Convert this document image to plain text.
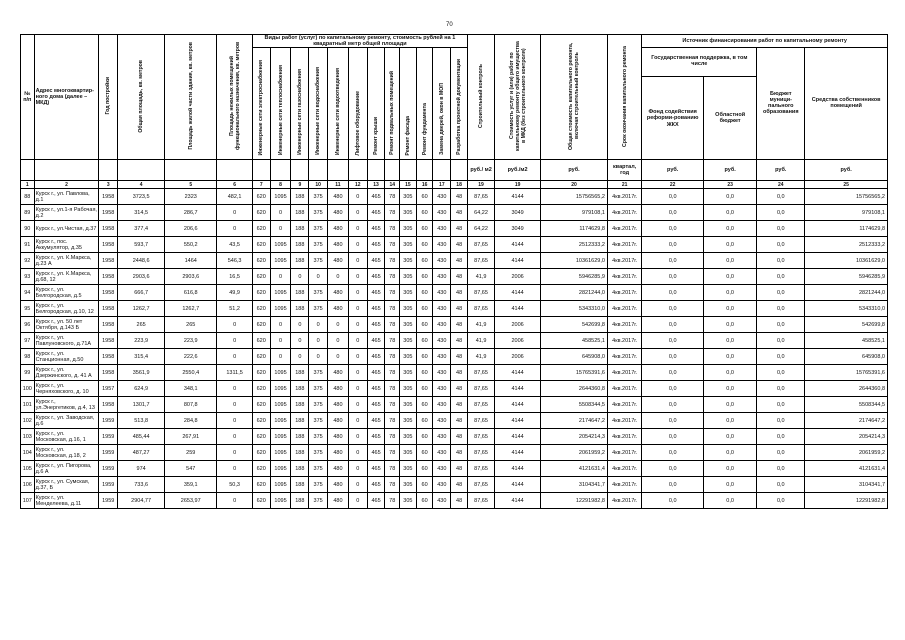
70
№ п/п	Адрес многоквартир-ного дома (далее – МКД)	Год постройки	Общая площадь, кв. метров	Площадь жилой части здания, кв. метров	Площадь нежилых помещений функционального назначения, кв. метров	Виды работ (услуг) по капитальному ремонту, стоимость рублей на 1 квадратный метр общей площади												Строительный контроль	Стоимость услуг и (или) работ по капитальному ремонту общего имущества в МКД (без строительного контроля)	Общая стоимость капитального ремонта, включая строительный контроль	Срок окончания капитального ремонта	Источник финансирования работ по капитальному ремонту			
						Инженерные сети электроснабжения	Инженерные сети теплоснабжения	Инженерные сети газоснабжения	Инженерные сети водоснабжения	Инженерные сети водоотведения	Лифтовое оборудование	Ремонт крыши	Ремонт подвальных помещений	Ремонт фасада	Ремонт фундамента	Замена дверей, окон в МОП	Разработка проектной документации					Государственная поддержка, в том числе		Бюджет муници-пального образования	Средства собственников помещений
																						Фонд содействия реформи-рованию ЖКХ	Областной бюджет		
																		руб./ м2	руб./м2	руб.	квартал, год	руб.	руб.	руб.	руб.
1	2	3	4	5	6	7	8	9	10	11	12	13	14	15	16	17	18	19	19	20	21	22	23	24	25
88	Курск г., ул. Павлова, д.1	1958	3723,5	2323	482,1	620	1095	188	375	480	0	465	78	305	60	430	48	87,65	4144	15756565,2	4кв.2017г.	0,0	0,0	0,0	15756565,2
89	Курск г., ул.1-я Рабочая, д.2	1958	314,5	286,7	0	620	0	188	375	480	0	465	78	305	60	430	48	64,22	3049	979108,1	4кв.2017г.	0,0	0,0	0,0	979108,1
90	Курск г., ул.Чистая, д.37	1958	377,4	206,6	0	620	0	188	375	480	0	465	78	305	60	430	48	64,22	3049	1174629,8	4кв.2017г.	0,0	0,0	0,0	1174629,8
91	Курск г., пос. Аккумулятор, д.35	1958	593,7	550,2	43,5	620	1095	188	375	480	0	465	78	305	60	430	48	87,65	4144	2512333,2	4кв.2017г.	0,0	0,0	0,0	2512333,2
92	Курск г., ул. К.Маркса, д.23 А	1958	2448,6	1464	546,3	620	1095	188	375	480	0	465	78	305	60	430	48	87,65	4144	10361629,0	4кв.2017г.	0,0	0,0	0,0	10361629,0
93	Курск г., ул. К.Маркса, д.68, 12	1958	2903,6	2903,6	16,5	620	0	0	0	0	0	465	78	305	60	430	48	41,9	2006	5946285,9	4кв.2017г.	0,0	0,0	0,0	5946285,9
94	Курск г., ул. Белгородская, д.5	1958	666,7	616,8	49,9	620	1095	188	375	480	0	465	78	305	60	430	48	87,65	4144	2821244,0	4кв.2017г.	0,0	0,0	0,0	2821244,0
95	Курск г., ул. Белгородская, д.10, 12	1958	1262,7	1262,7	51,2	620	1095	188	375	480	0	465	78	305	60	430	48	87,65	4144	5343310,0	4кв.2017г.	0,0	0,0	0,0	5343310,0
96	Курск г., ул. 50 лет Октября, д.143 Б	1958	265	265	0	620	0	0	0	0	0	465	78	305	60	430	48	41,9	2006	542699,8	4кв.2017г.	0,0	0,0	0,0	542699,8
97	Курск г., ул. Павлуновского, д.71А	1958	223,9	223,9	0	620	0	0	0	0	0	465	78	305	60	430	48	41,9	2006	458525,1	4кв.2017г.	0,0	0,0	0,0	458525,1
98	Курск г., ул. Станционная, д.50	1958	315,4	222,6	0	620	0	0	0	0	0	465	78	305	60	430	48	41,9	2006	645908,0	4кв.2017г.	0,0	0,0	0,0	645908,0
99	Курск г., ул. Дзержинского, д. 41 А	1958	3561,9	2550,4	1311,5	620	1095	188	375	480	0	465	78	305	60	430	48	87,65	4144	15765391,6	4кв.2017г.	0,0	0,0	0,0	15765391,6
100	Курск г., ул. Черняховского, д. 10	1957	624,9	348,1	0	620	1095	188	375	480	0	465	78	305	60	430	48	87,65	4144	2644360,8	4кв.2017г.	0,0	0,0	0,0	2644360,8
101	Курск г., ул.Энергетиков, д.4, 13	1958	1301,7	807,8	0	620	1095	188	375	480	0	465	78	305	60	430	48	87,65	4144	5508344,5	4кв.2017г.	0,0	0,0	0,0	5508344,5
102	Курск г., ул. Заводская, д.6	1959	513,8	284,8	0	620	1095	188	375	480	0	465	78	305	60	430	48	87,65	4144	2174647,2	4кв.2017г.	0,0	0,0	0,0	2174647,2
103	Курск г., ул. Московская, д.16, 1	1959	485,44	267,91	0	620	1095	188	375	480	0	465	78	305	60	430	48	87,65	4144	2054214,3	4кв.2017г.	0,0	0,0	0,0	2054214,3
104	Курск г., ул. Московская, д.18, 2	1959	487,27	259	0	620	1095	188	375	480	0	465	78	305	60	430	48	87,65	4144	2061959,2	4кв.2017г.	0,0	0,0	0,0	2061959,2
105	Курск г., ул. Пигорова, д.6 А	1959	974	547	0	620	1095	188	375	480	0	465	78	305	60	430	48	87,65	4144	4121631,4	4кв.2017г.	0,0	0,0	0,0	4121631,4
106	Курск г., ул. Сумская, д.37, Б	1959	733,6	359,1	50,3	620	1095	188	375	480	0	465	78	305	60	430	48	87,65	4144	3104341,7	4кв.2017г.	0,0	0,0	0,0	3104341,7
107	Курск г., ул. Менделеева, д.11	1959	2904,77	2653,97	0	620	1095	188	375	480	0	465	78	305	60	430	48	87,65	4144	12291982,8	4кв.2017г.	0,0	0,0	0,0	12291982,8
